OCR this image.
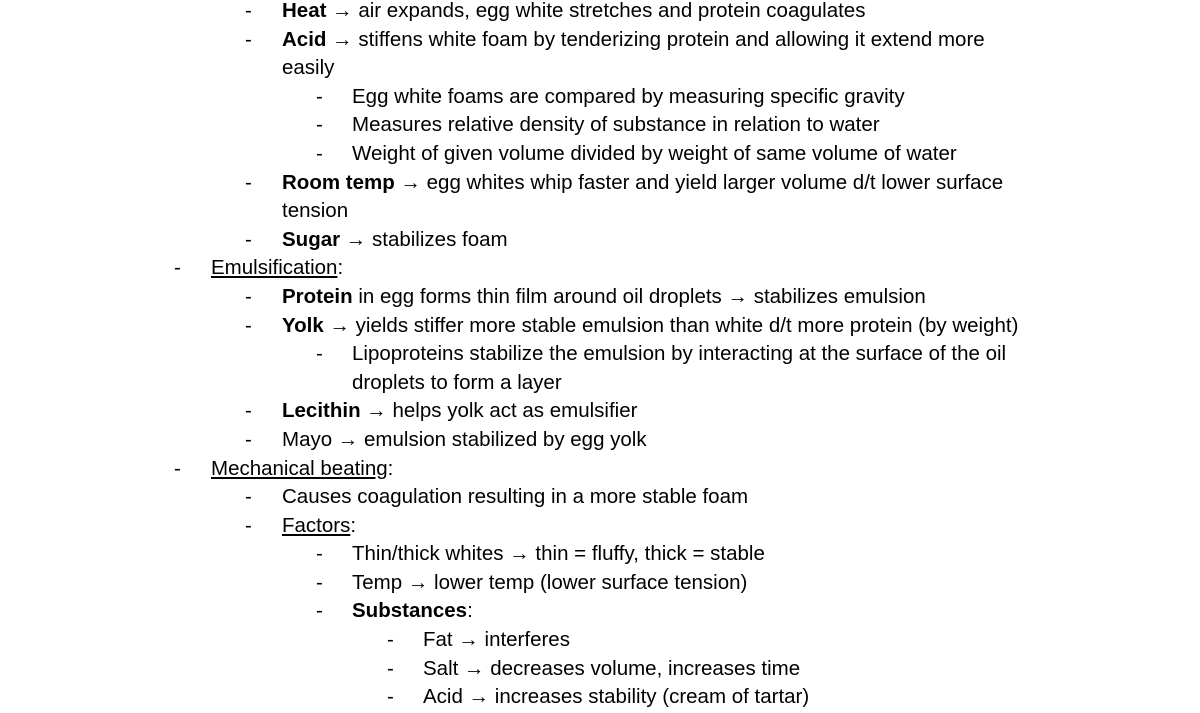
-	Heat → air expands, egg white stretches and protein coagulates
-	Acid → stiffens white foam by tenderizing protein and allowing it extend more
easily
-	Egg white foams are compared by measuring specific gravity
-	Measures relative density of substance in relation to water
-	Weight of given volume divided by weight of same volume of water
-	Room temp → egg whites whip faster and yield larger volume d/t lower surface
tension
-	Sugar → stabilizes foam
-	Emulsification:
-	Protein in egg forms thin film around oil droplets → stabilizes emulsion
-	Yolk → yields stiffer more stable emulsion than white d/t more protein (by weight)
-	Lipoproteins stabilize the emulsion by interacting at the surface of the oil
droplets to form a layer
-	Lecithin → helps yolk act as emulsifier
-	Mayo → emulsion stabilized by egg yolk
-	Mechanical beating:
-	Causes coagulation resulting in a more stable foam
-	Factors:
-	Thin/thick whites → thin = fluffy, thick = stable
-	Temp → lower temp (lower surface tension)
-	Substances:
-	Fat → interferes
-	Salt → decreases volume, increases time
-	Acid → increases stability (cream of tartar)
